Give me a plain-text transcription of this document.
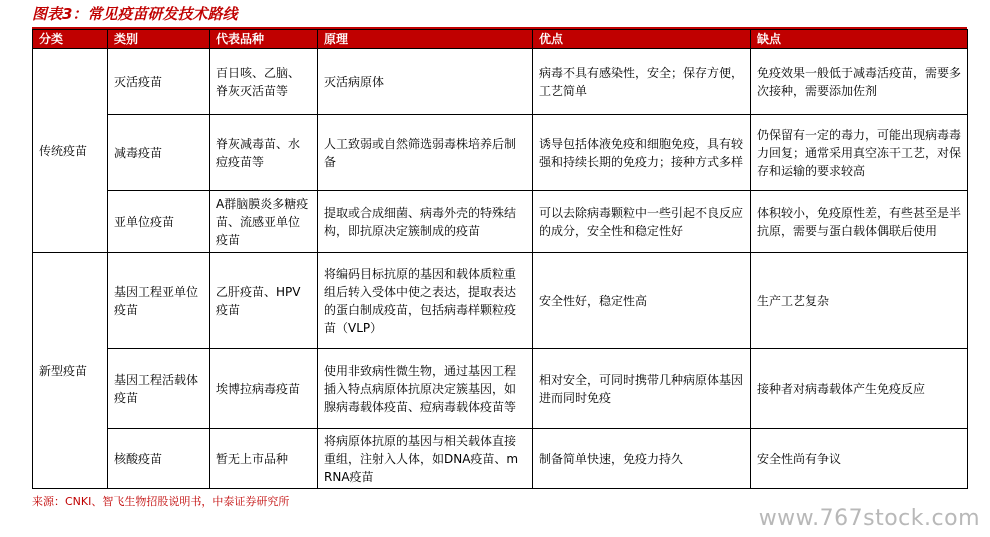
图表3：常见疫苗研发技术路线
分类	类别	代表品种	原理	优点	缺点
传统疫苗	灭活疫苗	百日咳、乙脑、脊灰灭活苗等	灭活病原体	病毒不具有感染性，安全；保存方便，工艺简单	免疫效果一般低于减毒活疫苗，需要多次接种，需要添加佐剂
	减毒疫苗	脊灰减毒苗、水痘疫苗等	人工致弱或自然筛选弱毒株培养后制备	诱导包括体液免疫和细胞免疫，具有较强和持续长期的免疫力；接种方式多样	仍保留有一定的毒力，可能出现病毒毒力回复；通常采用真空冻干工艺，对保存和运输的要求较高
	亚单位疫苗	A群脑膜炎多糖疫苗、流感亚单位疫苗	提取或合成细菌、病毒外壳的特殊结构，即抗原决定簇制成的疫苗	可以去除病毒颗粒中一些引起不良反应的成分，安全性和稳定性好	体积较小，免疫原性差，有些甚至是半抗原，需要与蛋白载体偶联后使用
新型疫苗	基因工程亚单位疫苗	乙肝疫苗、HPV疫苗	将编码目标抗原的基因和载体质粒重组后转入受体中使之表达，提取表达的蛋白制成疫苗，包括病毒样颗粒疫苗（VLP）	安全性好，稳定性高	生产工艺复杂
	基因工程活载体疫苗	埃博拉病毒疫苗	使用非致病性微生物，通过基因工程插入特点病原体抗原决定簇基因，如腺病毒载体疫苗、痘病毒载体疫苗等	相对安全，可同时携带几种病原体基因进而同时免疫	接种者对病毒载体产生免疫反应
	核酸疫苗	暂无上市品种	将病原体抗原的基因与相关载体直接重组，注射入人体，如DNA疫苗、mRNA疫苗	制备简单快速，免疫力持久	安全性尚有争议
来源：CNKI、智飞生物招股说明书，中泰证券研究所
www.767stock.com
